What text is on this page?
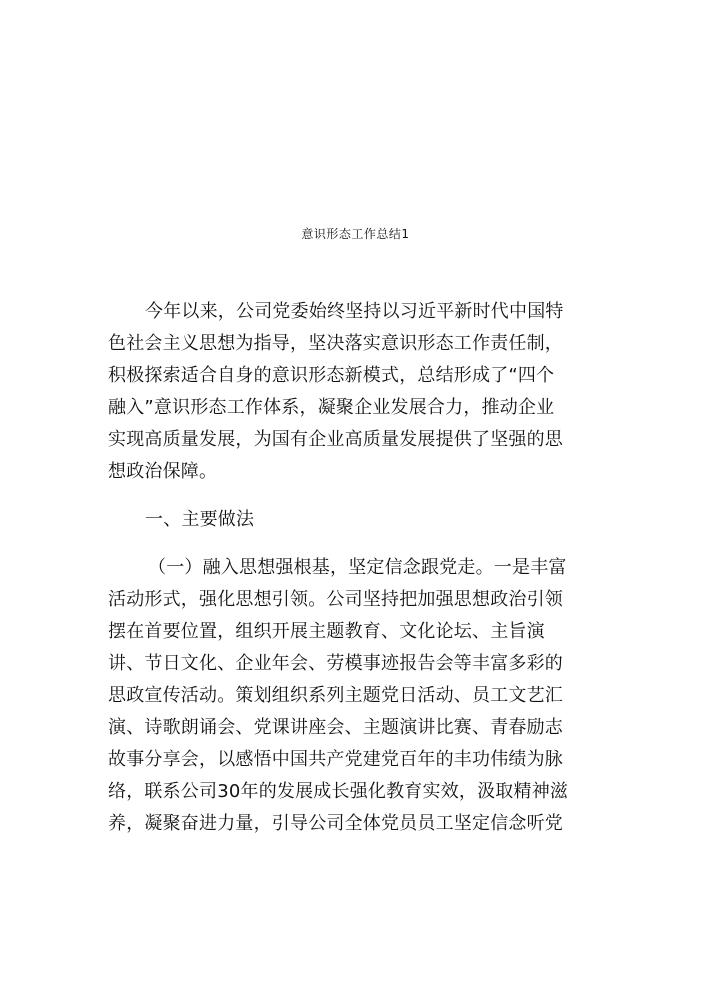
意识形态工作总结1
今年以来，公司党委始终坚持以习近平新时代中国特
色社会主义思想为指导，坚决落实意识形态工作责任制，
积极探索适合自身的意识形态新模式，总结形成了“四个
融入”意识形态工作体系，凝聚企业发展合力，推动企业
实现高质量发展，为国有企业高质量发展提供了坚强的思
想政治保障。
一、主要做法
（一）融入思想强根基，坚定信念跟党走。一是丰富
活动形式，强化思想引领。公司坚持把加强思想政治引领
摆在首要位置，组织开展主题教育、文化论坛、主旨演
讲、节日文化、企业年会、劳模事迹报告会等丰富多彩的
思政宣传活动。策划组织系列主题党日活动、员工文艺汇
演、诗歌朗诵会、党课讲座会、主题演讲比赛、青春励志
故事分享会，以感悟中国共产党建党百年的丰功伟绩为脉
络，联系公司30年的发展成长强化教育实效，汲取精神滋
养，凝聚奋进力量，引导公司全体党员员工坚定信念听党
